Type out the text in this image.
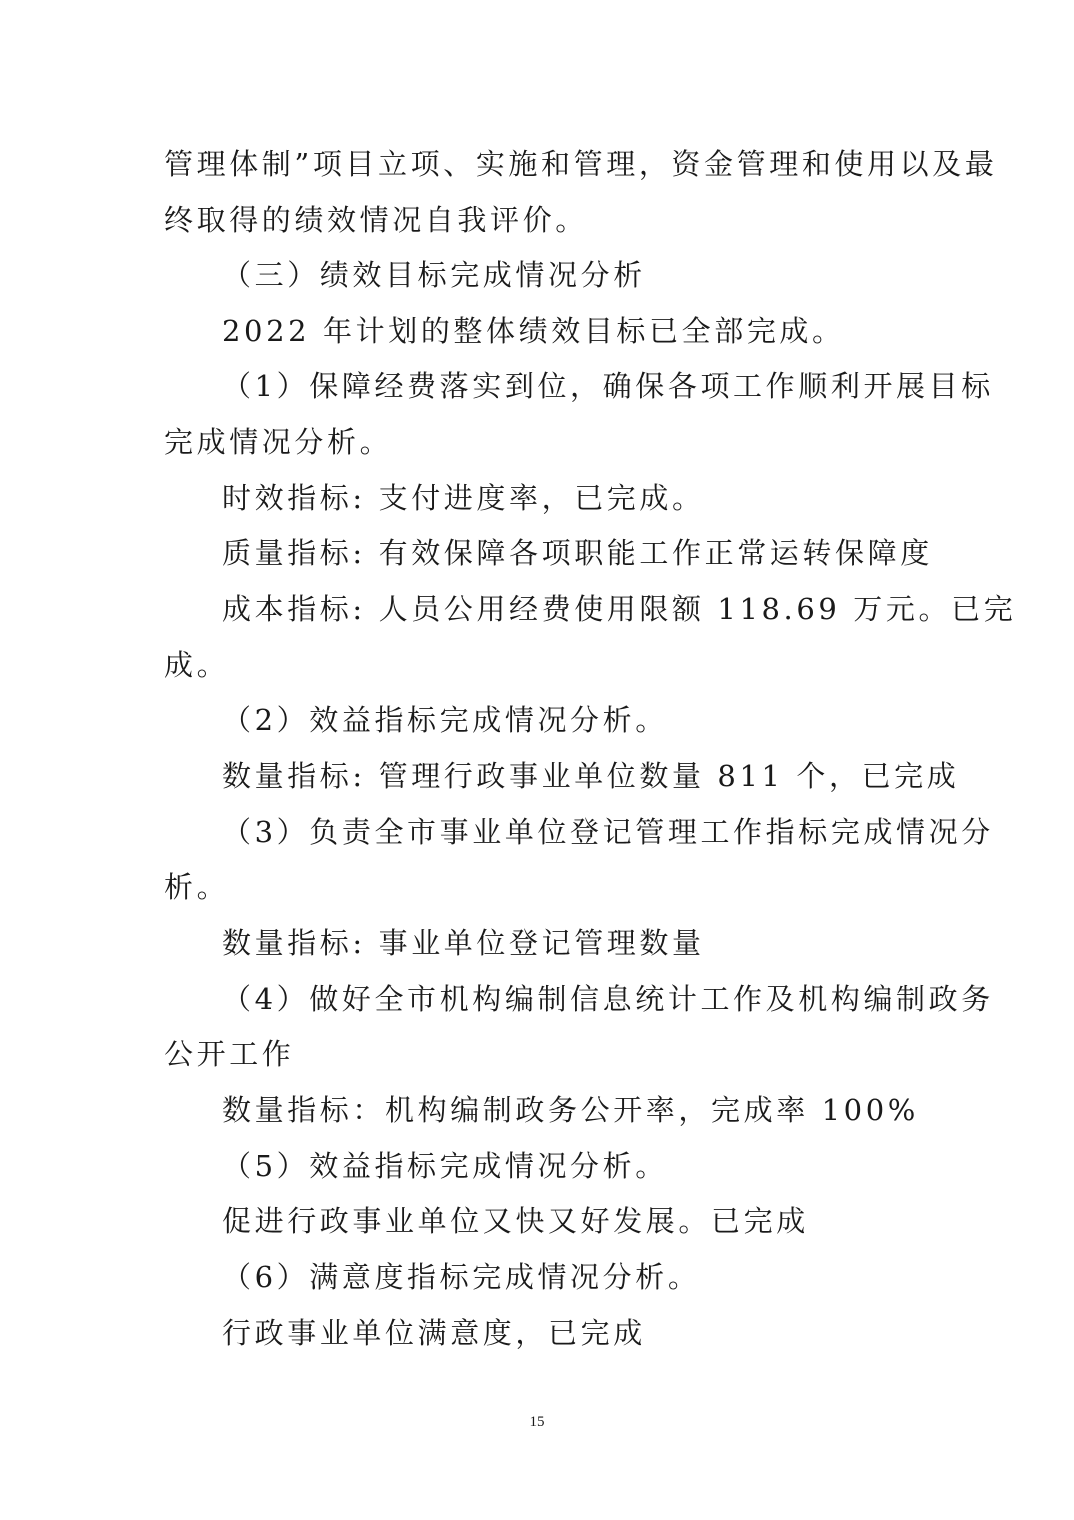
管理体制”项目立项、实施和管理，资金管理和使用以及最
终取得的绩效情况自我评价。
（三）绩效目标完成情况分析
2022 年计划的整体绩效目标已全部完成。
（1）保障经费落实到位，确保各项工作顺利开展目标
完成情况分析。
时效指标: 支付进度率，已完成。
质量指标: 有效保障各项职能工作正常运转保障度
成本指标: 人员公用经费使用限额 118.69 万元。已完
成。
（2）效益指标完成情况分析。
数量指标: 管理行政事业单位数量 811 个，已完成
（3）负责全市事业单位登记管理工作指标完成情况分
析。
数量指标: 事业单位登记管理数量
（4）做好全市机构编制信息统计工作及机构编制政务
公开工作
数量指标：机构编制政务公开率，完成率 100%
（5）效益指标完成情况分析。
促进行政事业单位又快又好发展。已完成
（6）满意度指标完成情况分析。
行政事业单位满意度，已完成
15
